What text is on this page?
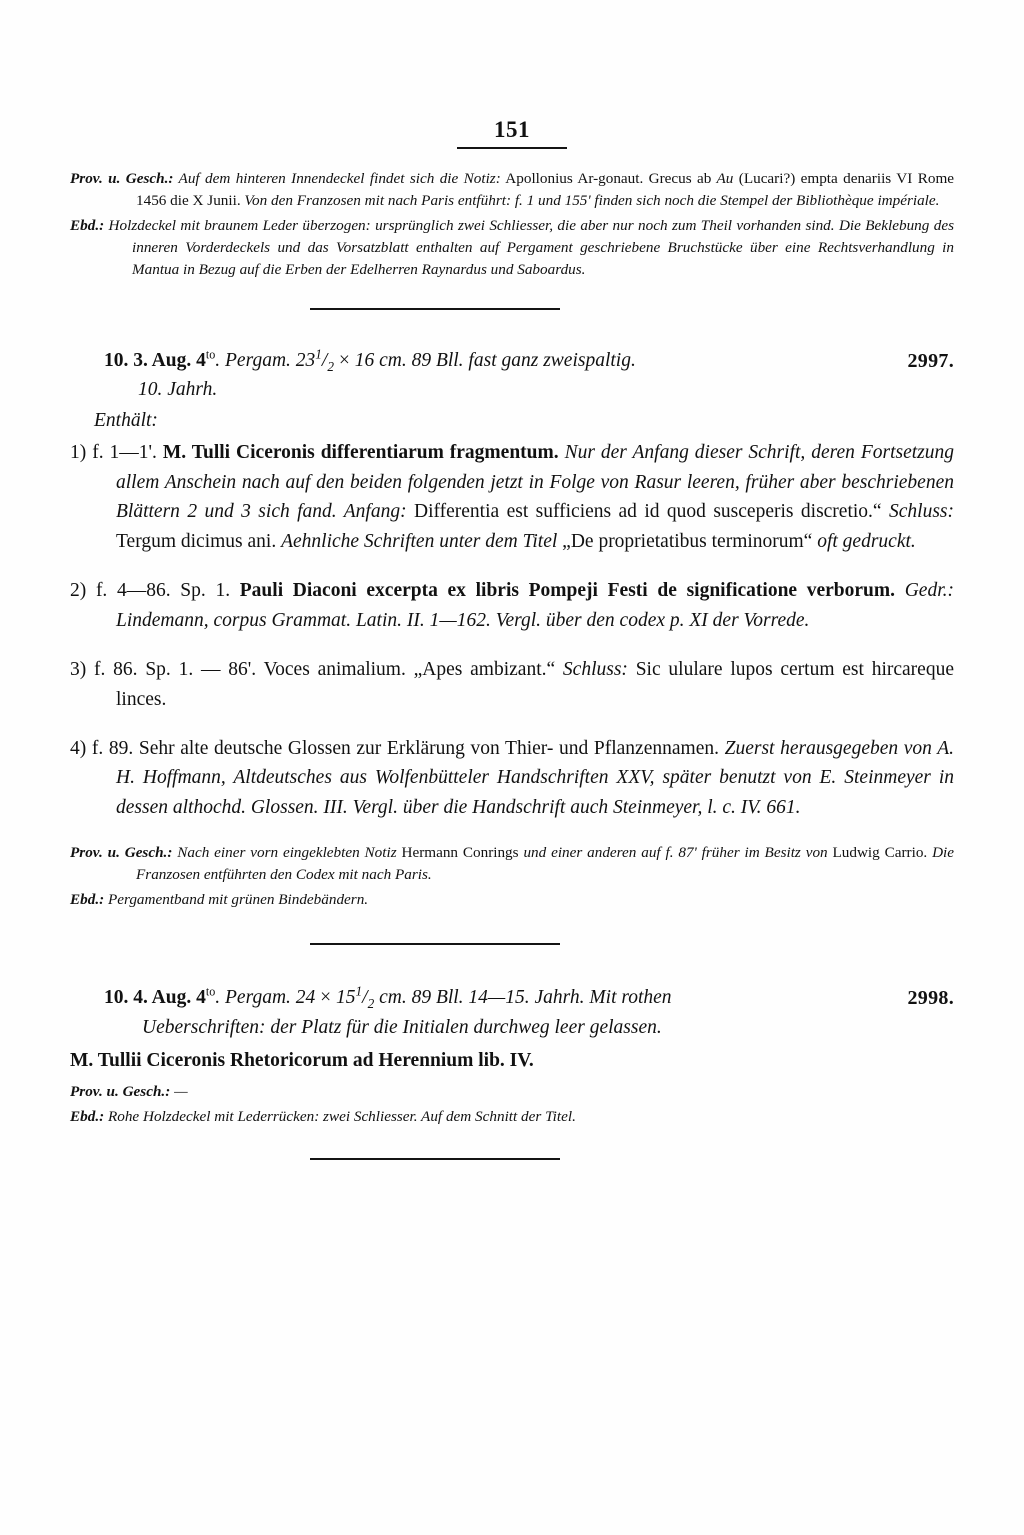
151

Prov. u. Gesch.: Auf dem hinteren Innendeckel findet sich die Notiz: Apollonius Ar-gonaut. Grecus ab Au (Lucari?) empta denariis VI Rome 1456 die X Junii. Von den Franzosen mit nach Paris entführt: f. 1 und 155' finden sich noch die Stempel der Bibliothèque impériale.

Ebd.: Holzdeckel mit braunem Leder überzogen: ursprünglich zwei Schliesser, die aber nur noch zum Theil vorhanden sind. Die Beklebung des inneren Vorderdeckels und das Vorsatzblatt enthalten auf Pergament geschriebene Bruchstücke über eine Rechtsverhandlung in Mantua in Bezug auf die Erben der Edelherren Raynardus und Saboardus.

2997.
10. 3. Aug. $4^{to}$. Pergam. $23^1/_2 \times 16$ cm. 89 Bll. fast ganz zweispaltig.
10. Jahrh.
Enthält:

1) f. 1—1'. M. Tulli Ciceronis differentiarum fragmentum. Nur der Anfang dieser Schrift, deren Fortsetzung allem Anschein nach auf den beiden folgenden jetzt in Folge von Rasur leeren, früher aber beschriebenen Blättern 2 und 3 sich fand. Anfang: Differentia est sufficiens ad id quod susceperis discretio.“ Schluss: Tergum dicimus ani. Aehnliche Schriften unter dem Titel „De proprietatibus terminorum“ oft gedruckt.

2) f. 4—86. Sp. 1. Pauli Diaconi excerpta ex libris Pompeji Festi de significatione verborum. Gedr.: Lindemann, corpus Grammat. Latin. II. 1—162. Vergl. über den codex p. XI der Vorrede.

3) f. 86. Sp. 1. — 86'. Voces animalium. „Apes ambizant.“ Schluss: Sic ululare lupos certum est hircareque linces.

4) f. 89. Sehr alte deutsche Glossen zur Erklärung von Thier- und Pflanzennamen. Zuerst herausgegeben von A. H. Hoffmann, Altdeutsches aus Wolfenbütteler Handschriften XXV, später benutzt von E. Steinmeyer in dessen althochd. Glossen. III. Vergl. über die Handschrift auch Steinmeyer, l. c. IV. 661.

Prov. u. Gesch.: Nach einer vorn eingeklebten Notiz Hermann Conrings und einer anderen auf f. 87' früher im Besitz von Ludwig Carrio. Die Franzosen entführten den Codex mit nach Paris.

Ebd.: Pergamentband mit grünen Bindebändern.

2998.
10. 4. Aug. $4^{to}$. Pergam. $24 \times 15^1/_2$ cm. 89 Bll. 14—15. Jahrh. Mit rothen
Ueberschriften: der Platz für die Initialen durchweg leer gelassen.
M. Tullii Ciceronis Rhetoricorum ad Herennium lib. IV.

Prov. u. Gesch.: —

Ebd.: Rohe Holzdeckel mit Lederrücken: zwei Schliesser. Auf dem Schnitt der Titel.
